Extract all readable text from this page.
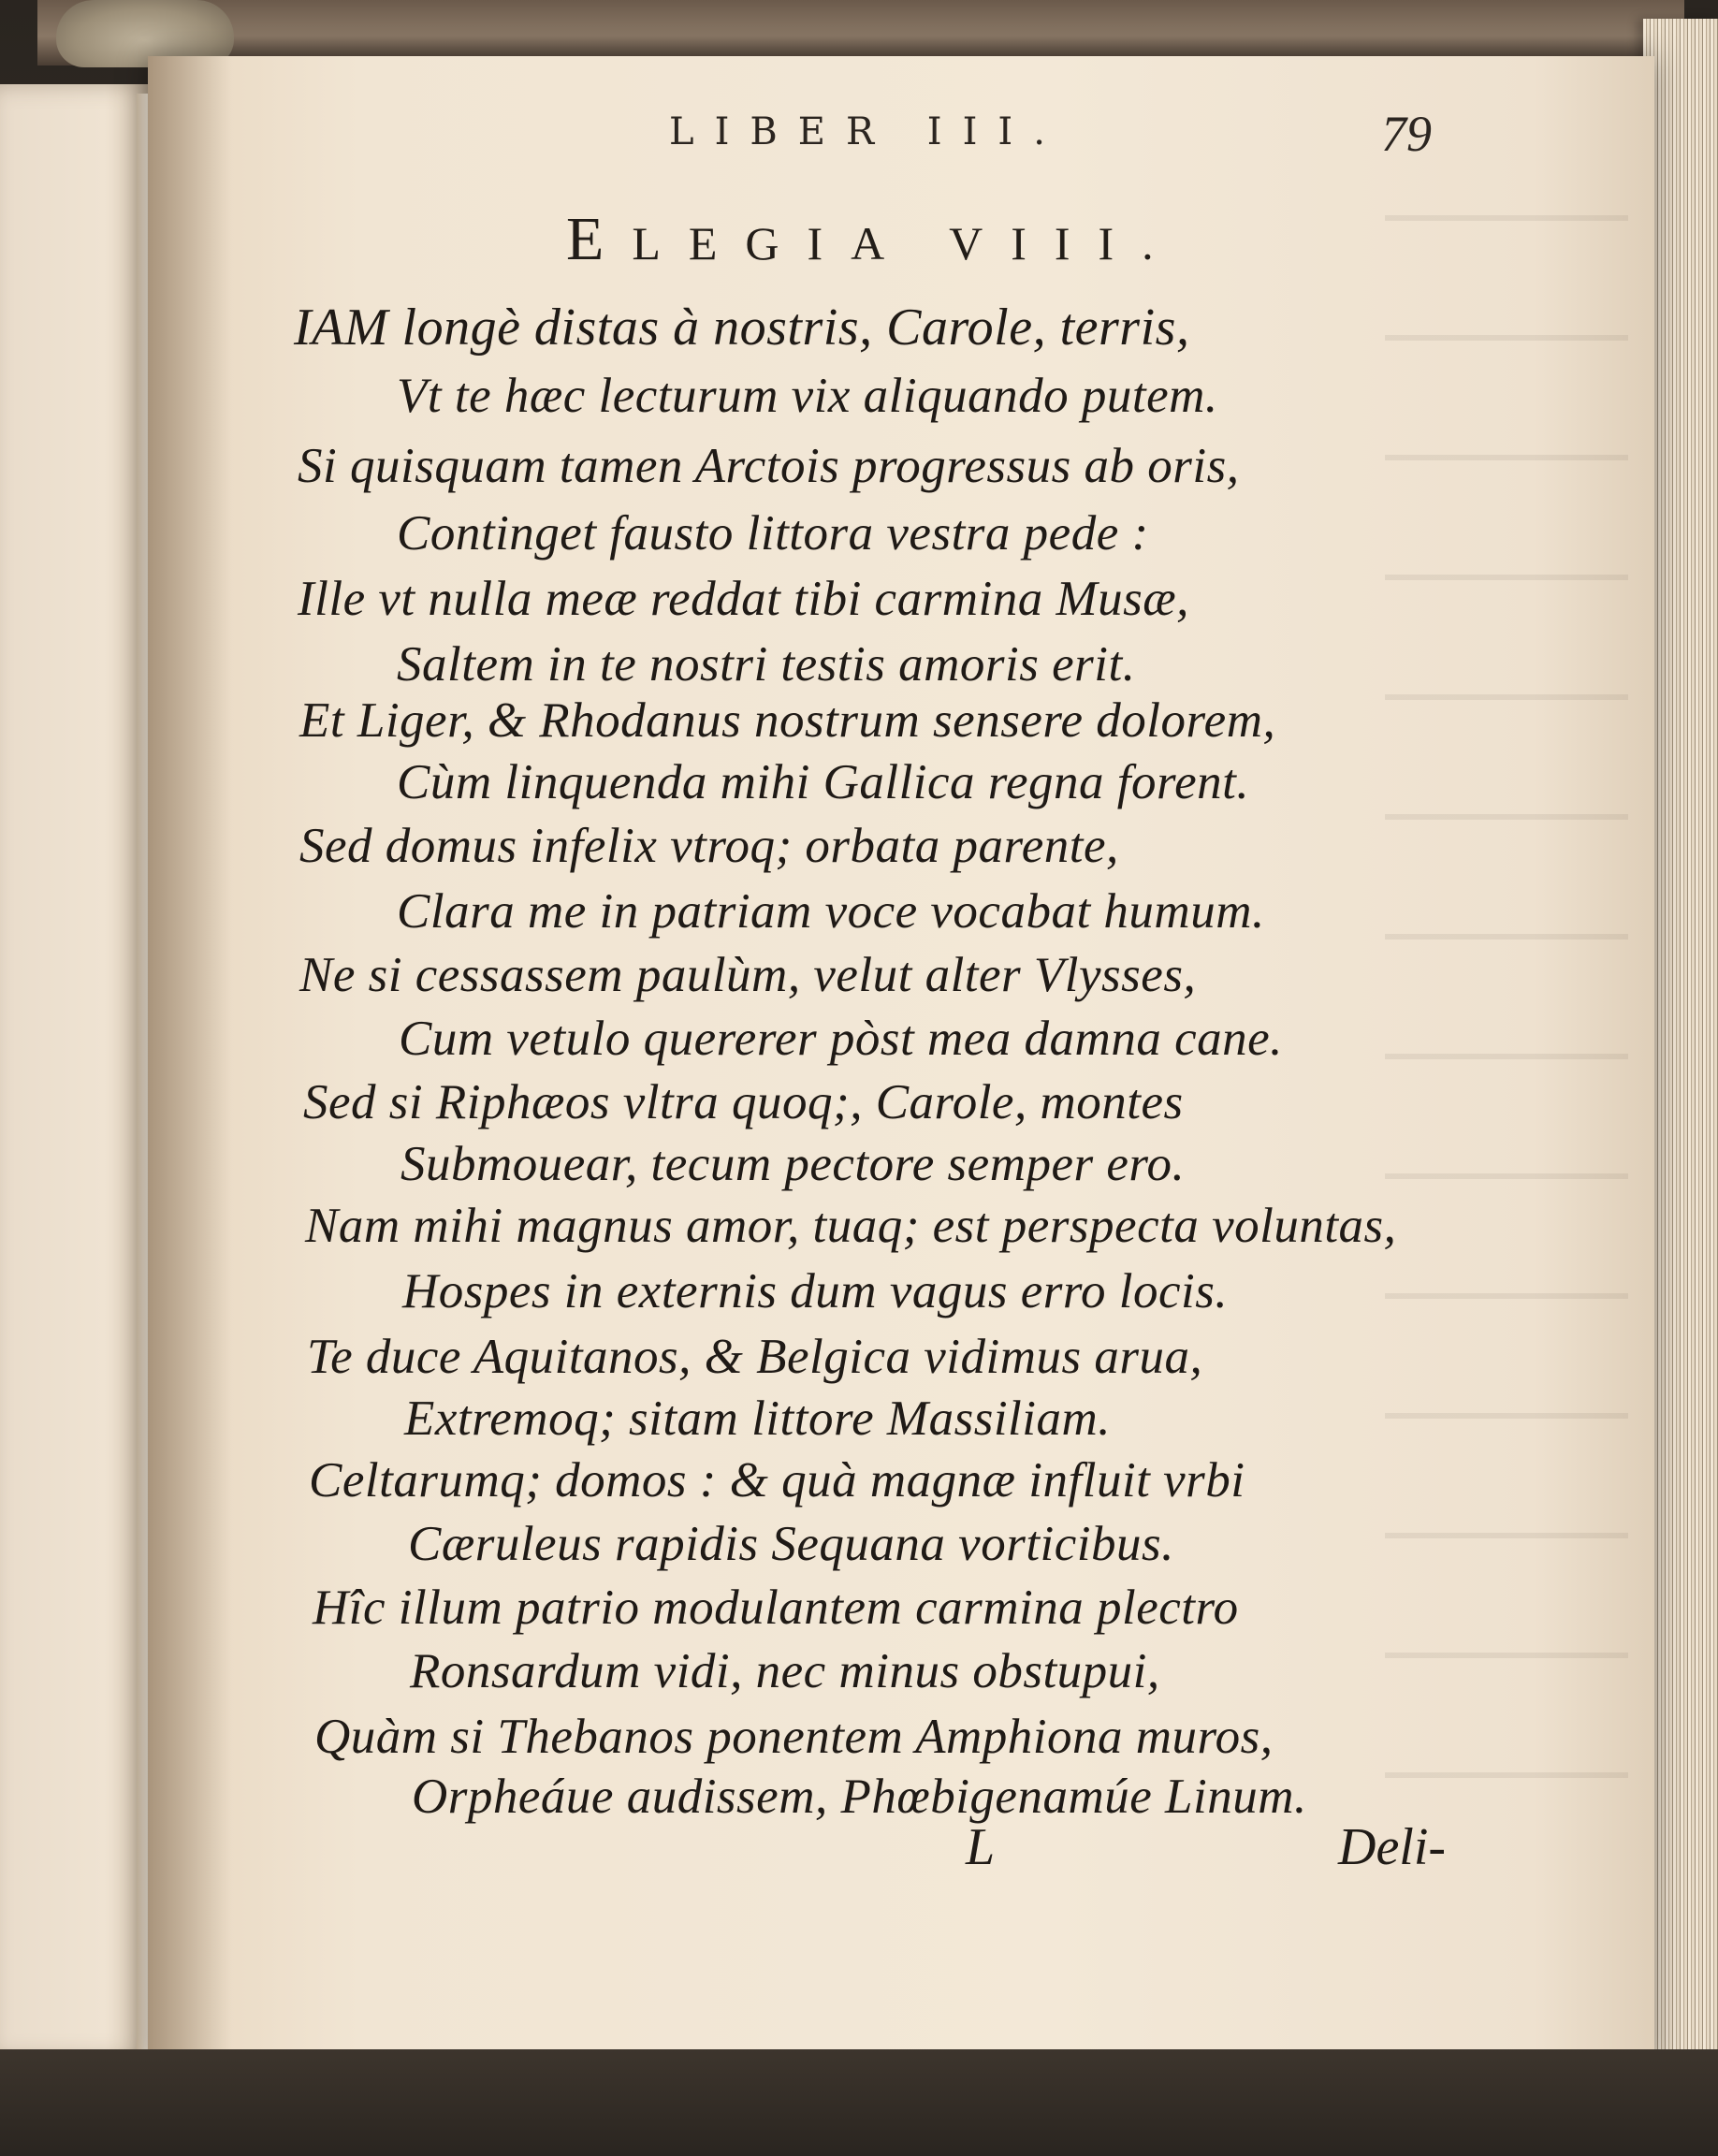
LIBER III.	79
ELEGIA VIII.
IAM longè distas à nostris, Carole, terris,
Vt te hæc lecturum vix aliquando putem.
Si quisquam tamen Arctois progressus ab oris,
Continget fausto littora vestra pede :
Ille vt nulla meæ reddat tibi carmina Musæ,
Saltem in te nostri testis amoris erit.
Et Liger, & Rhodanus nostrum sensere dolorem,
Cùm linquenda mihi Gallica regna forent.
Sed domus infelix vtroq; orbata parente,
Clara me in patriam voce vocabat humum.
Ne si cessassem paulùm, velut alter Vlysses,
Cum vetulo quererer pòst mea damna cane.
Sed si Riphæos vltra quoq;, Carole, montes
Submouear, tecum pectore semper ero.
Nam mihi magnus amor, tuaq; est perspecta voluntas,
Hospes in externis dum vagus erro locis.
Te duce Aquitanos, & Belgica vidimus arua,
Extremoq; sitam littore Massiliam.
Celtarumq; domos : & quà magnæ influit vrbi
Cæruleus rapidis Sequana vorticibus.
Hîc illum patrio modulantem carmina plectro
Ronsardum vidi, nec minus obstupui,
Quàm si Thebanos ponentem Amphiona muros,
Orpheáue audissem, Phœbigenamúe Linum.
L	Deli-
